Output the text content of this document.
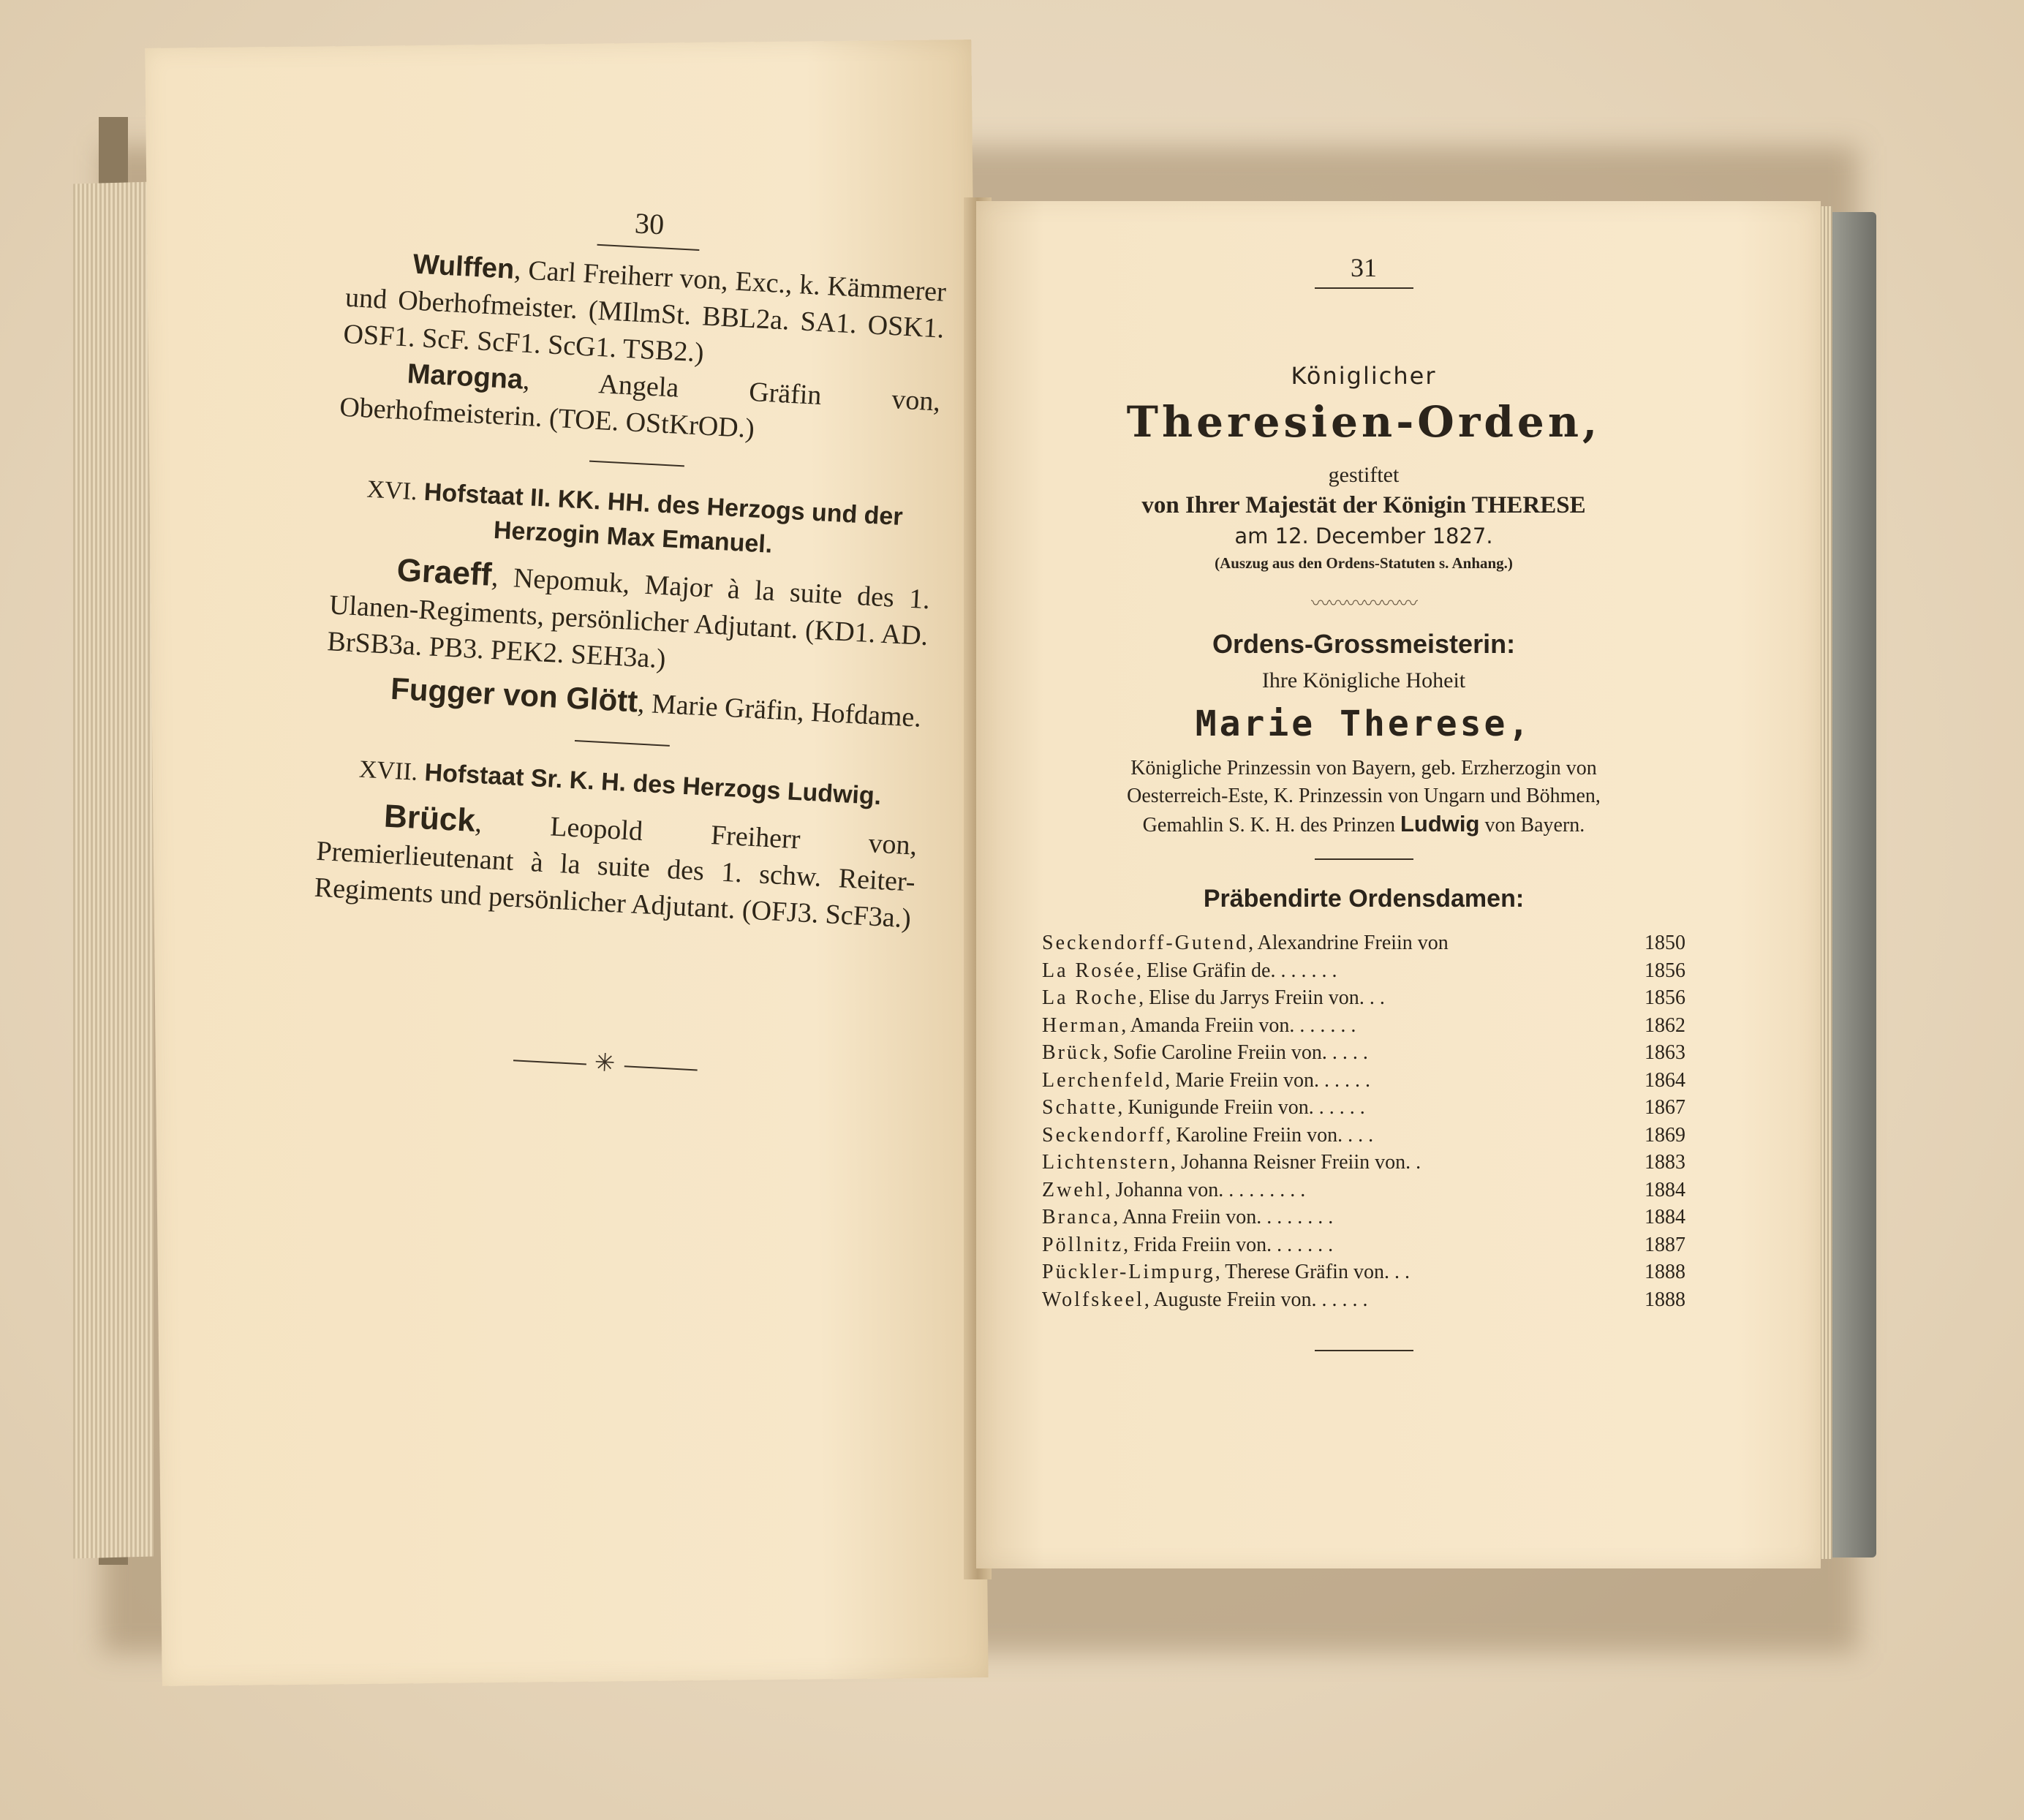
30

Wulffen, Carl Freiherr von, Exc., k. Kämmerer und Oberhofmeister. (MIlmSt. BBL2a. SA1. OSK1. OSF1. ScF. ScF1. ScG1. TSB2.)

Marogna, Angela Gräfin von, Oberhofmeisterin. (TOE. OStKrOD.)

XVI. Hofstaat II. KK. HH. des Herzogs und der Herzogin Max Emanuel.

Graeff, Nepomuk, Major à la suite des 1. Ulanen-Regiments, persönlicher Adjutant. (KD1. AD. BrSB3a. PB3. PEK2. SEH3a.)

Fugger von Glött, Marie Gräfin, Hofdame.

XVII. Hofstaat Sr. K. H. des Herzogs Ludwig.

Brück, Leopold Freiherr von, Premierlieutenant à la suite des 1. schw. Reiter-Regiments und persönlicher Adjutant. (OFJ3. ScF3a.)

✳
31
Königlicher
Theresien-Orden,
gestiftet
von Ihrer Majestät der Königin THERESE
am 12. December 1827.
(Auszug aus den Ordens-Statuten s. Anhang.)
〰〰〰〰〰〰
Ordens-Grossmeisterin:
Ihre Königliche Hoheit
Marie Therese,
Königliche Prinzessin von Bayern, geb. Erzherzogin von
Oesterreich-Este, K. Prinzessin von Ungarn und Böhmen,
Gemahlin S. K. H. des Prinzen Ludwig von Bayern.
Präbendirte Ordensdamen:
Seckendorff-Gutend , Alexandrine Freiin von	1850
La Rosée , Elise Gräfin de . . . . . . .	1856
La Roche , Elise du Jarrys Freiin von . . .	1856
Herman , Amanda Freiin von . . . . . . .	1862
Brück , Sofie Caroline Freiin von . . . . .	1863
Lerchenfeld , Marie Freiin von . . . . . .	1864
Schatte , Kunigunde Freiin von . . . . . .	1867
Seckendorff , Karoline Freiin von . . . .	1869
Lichtenstern , Johanna Reisner Freiin von . .	1883
Zwehl , Johanna von . . . . . . . . .	1884
Branca , Anna Freiin von . . . . . . . .	1884
Pöllnitz , Frida Freiin von . . . . . . .	1887
Pückler-Limpurg , Therese Gräfin von . . .	1888
Wolfskeel , Auguste Freiin von . . . . . .	1888
